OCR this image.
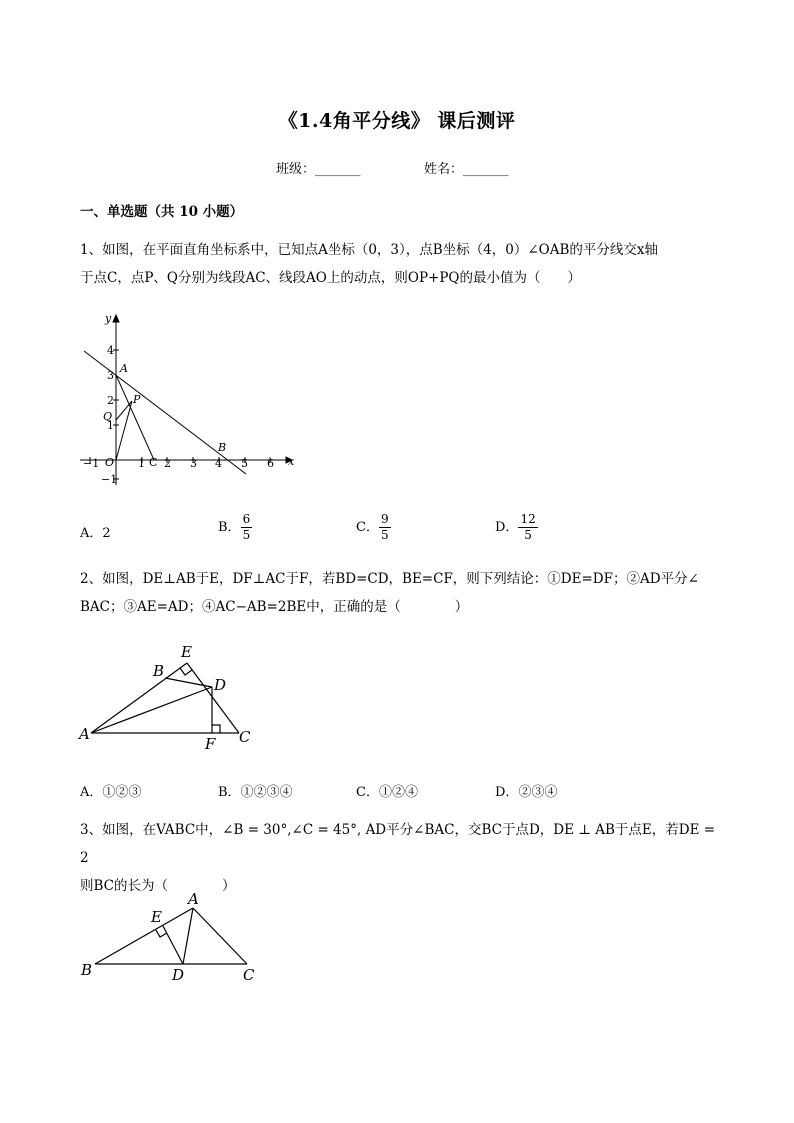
《1.4角平分线》 课后测评
班级：_______	姓名：_______
一、单选题（共 10 小题）
1、如图，在平面直角坐标系中，已知点A坐标（0，3），点B坐标（4，0）∠OAB的平分线交x轴
于点C，点P、Q分别为线段AC、线段AO上的动点，则OP+PQ的最小值为（　　）
−1	1 2 3 4 5 6
4
3
2
1
−1
x
y
A
B
C
O
P
Q
A．2	B． $\frac{6}{5}$	C． $\frac{9}{5}$	D． $\frac{12}{5}$
2、如图，DE⊥AB于E，DF⊥AC于F，若BD=CD，BE=CF，则下列结论：①DE=DF；②AD平分∠
BAC；③AE=AD；④AC−AB=2BE中，正确的是（　　　　）
A
B
C
D
E
F
A．①②③	B．①②③④	C．①②④	D．②③④
3、如图，在VABC中，∠B = 30°,∠C = 45°, AD平分∠BAC，交BC于点D，DE ⊥ AB于点E，若DE = 2
则BC的长为（　　　　）
B
A
C
D
E
